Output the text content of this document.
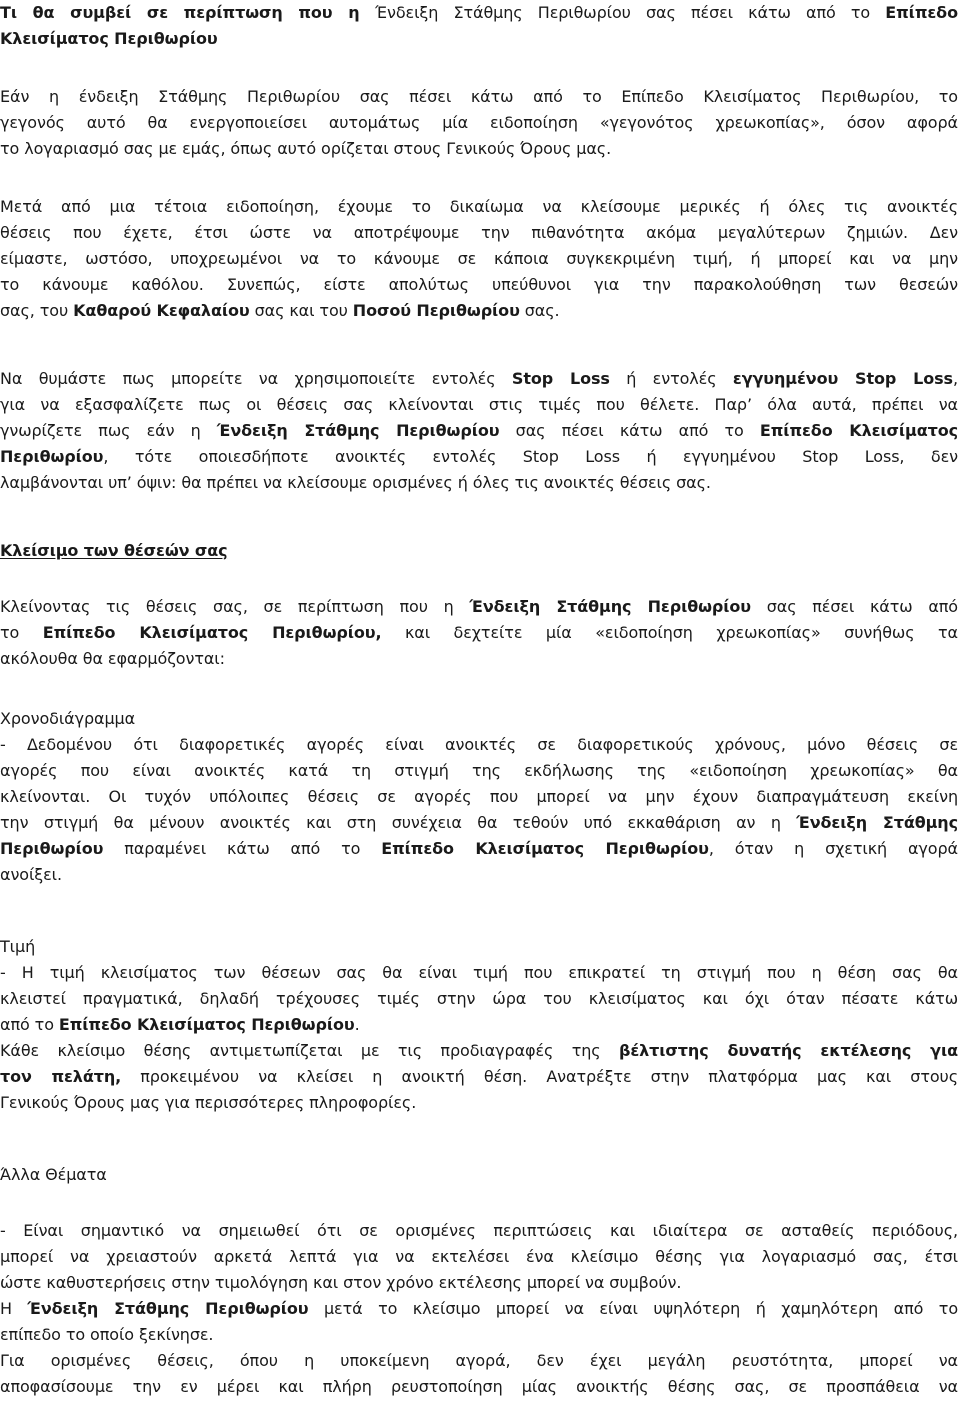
Τι θα συμβεί σε περίπτωση που η Ένδειξη Στάθμης Περιθωρίου σας πέσει κάτω από το Επίπεδο
Κλεισίματος Περιθωρίου
Εάν η ένδειξη Στάθμης Περιθωρίου σας πέσει κάτω από το Επίπεδο Κλεισίματος Περιθωρίου, το
γεγονός αυτό θα ενεργοποιείσει αυτομάτως μία ειδοποίηση «γεγονότος χρεωκοπίας», όσον αφορά
το λογαριασμό σας με εμάς, όπως αυτό ορίζεται στους Γενικούς Όρους μας.
Μετά από μια τέτοια ειδοποίηση, έχουμε το δικαίωμα να κλείσουμε μερικές ή όλες τις ανοικτές
θέσεις που έχετε, έτσι ώστε να αποτρέψουμε την πιθανότητα ακόμα μεγαλύτερων ζημιών. Δεν
είμαστε, ωστόσο, υποχρεωμένοι να το κάνουμε σε κάποια συγκεκριμένη τιμή, ή μπορεί και να μην
το κάνουμε καθόλου. Συνεπώς, είστε απολύτως υπεύθυνοι για την παρακολούθηση των θεσεών
σας, του Καθαρού Κεφαλαίου σας και του Ποσού Περιθωρίου σας.
Να θυμάστε πως μπορείτε να χρησιμοποιείτε εντολές Stop Loss ή εντολές εγγυημένου Stop Loss,
για να εξασφαλίζετε πως οι θέσεις σας κλείνονται στις τιμές που θέλετε. Παρ’ όλα αυτά, πρέπει να
γνωρίζετε πως εάν η Ένδειξη Στάθμης Περιθωρίου σας πέσει κάτω από το Επίπεδο Κλεισίματος
Περιθωρίου, τότε οποιεσδήποτε ανοικτές εντολές Stop Loss ή εγγυημένου Stop Loss, δεν
λαμβάνονται υπ’ όψιν: θα πρέπει να κλείσουμε ορισμένες ή όλες τις ανοικτές θέσεις σας.
Κλείσιμο των θέσεών σας
Κλείνοντας τις θέσεις σας, σε περίπτωση που η Ένδειξη Στάθμης Περιθωρίου σας πέσει κάτω από
το Επίπεδο Κλεισίματος Περιθωρίου, και δεχτείτε μία «ειδοποίηση χρεωκοπίας» συνήθως τα
ακόλουθα θα εφαρμόζονται:
Χρονοδιάγραμμα
- Δεδομένου ότι διαφορετικές αγορές είναι ανοικτές σε διαφορετικούς χρόνους, μόνο θέσεις σε
αγορές που είναι ανοικτές κατά τη στιγμή της εκδήλωσης της «ειδοποίηση χρεωκοπίας» θα
κλείνονται. Οι τυχόν υπόλοιπες θέσεις σε αγορές που μπορεί να μην έχουν διαπραγμάτευση εκείνη
την στιγμή θα μένουν ανοικτές και στη συνέχεια θα τεθούν υπό εκκαθάριση αν η Ένδειξη Στάθμης
Περιθωρίου παραμένει κάτω από το Επίπεδο Κλεισίματος Περιθωρίου, όταν η σχετική αγορά
ανοίξει.
Τιμή
- Η τιμή κλεισίματος των θέσεων σας θα είναι τιμή που επικρατεί τη στιγμή που η θέση σας θα
κλειστεί πραγματικά, δηλαδή τρέχουσες τιμές στην ώρα του κλεισίματος και όχι όταν πέσατε κάτω
από το Επίπεδο Κλεισίματος Περιθωρίου.
Κάθε κλείσιμο θέσης αντιμετωπίζεται με τις προδιαγραφές της βέλτιστης δυνατής εκτέλεσης για
τον πελάτη, προκειμένου να κλείσει η ανοικτή θέση. Ανατρέξτε στην πλατφόρμα μας και στους
Γενικούς Όρους μας για περισσότερες πληροφορίες.
Άλλα Θέματα
- Είναι σημαντικό να σημειωθεί ότι σε ορισμένες περιπτώσεις και ιδιαίτερα σε ασταθείς περιόδους,
μπορεί να χρειαστούν αρκετά λεπτά για να εκτελέσει ένα κλείσιμο θέσης για λογαριασμό σας, έτσι
ώστε καθυστερήσεις στην τιμολόγηση και στον χρόνο εκτέλεσης μπορεί να συμβούν.
Η Ένδειξη Στάθμης Περιθωρίου μετά το κλείσιμο μπορεί να είναι υψηλότερη ή χαμηλότερη από το
επίπεδο το οποίο ξεκίνησε.
Για ορισμένες θέσεις, όπου η υποκείμενη αγορά, δεν έχει μεγάλη ρευστότητα, μπορεί να
αποφασίσουμε την εν μέρει και πλήρη ρευστοποίηση μίας ανοικτής θέσης σας, σε προσπάθεια να
